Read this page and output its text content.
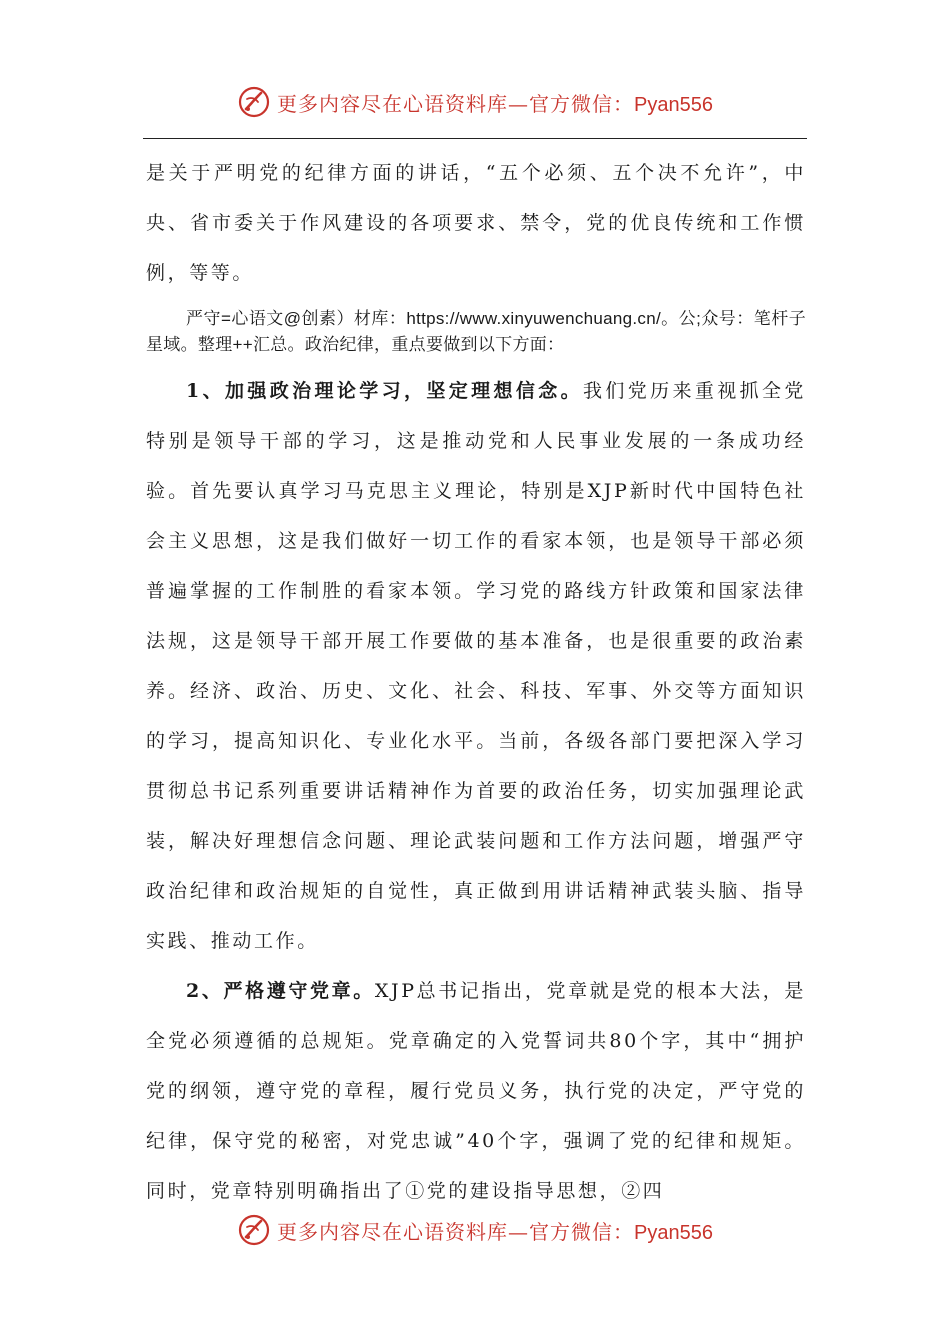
更多内容尽在心语资料库—官方微信：Pyan556

是关于严明党的纪律方面的讲话，“五个必须、五个决不允许”，中央、省市委关于作风建设的各项要求、禁令，党的优良传统和工作惯例，等等。

严守=心语文@创素）材库：https://www.xinyuwenchuang.cn/。公;众号：笔杆子星域。整理++汇总。政治纪律，重点要做到以下方面：

1、加强政治理论学习，坚定理想信念。我们党历来重视抓全党特别是领导干部的学习，这是推动党和人民事业发展的一条成功经验。首先要认真学习马克思主义理论，特别是XJP新时代中国特色社会主义思想，这是我们做好一切工作的看家本领，也是领导干部必须普遍掌握的工作制胜的看家本领。学习党的路线方针政策和国家法律法规，这是领导干部开展工作要做的基本准备，也是很重要的政治素养。经济、政治、历史、文化、社会、科技、军事、外交等方面知识的学习，提高知识化、专业化水平。当前，各级各部门要把深入学习贯彻总书记系列重要讲话精神作为首要的政治任务，切实加强理论武装，解决好理想信念问题、理论武装问题和工作方法问题，增强严守政治纪律和政治规矩的自觉性，真正做到用讲话精神武装头脑、指导实践、推动工作。

2、严格遵守党章。XJP总书记指出，党章就是党的根本大法，是全党必须遵循的总规矩。党章确定的入党誓词共80个字，其中“拥护党的纲领，遵守党的章程，履行党员义务，执行党的决定，严守党的纪律，保守党的秘密，对党忠诚”40个字，强调了党的纪律和规矩。同时，党章特别明确指出了①党的建设指导思想，②四

更多内容尽在心语资料库—官方微信：Pyan556
